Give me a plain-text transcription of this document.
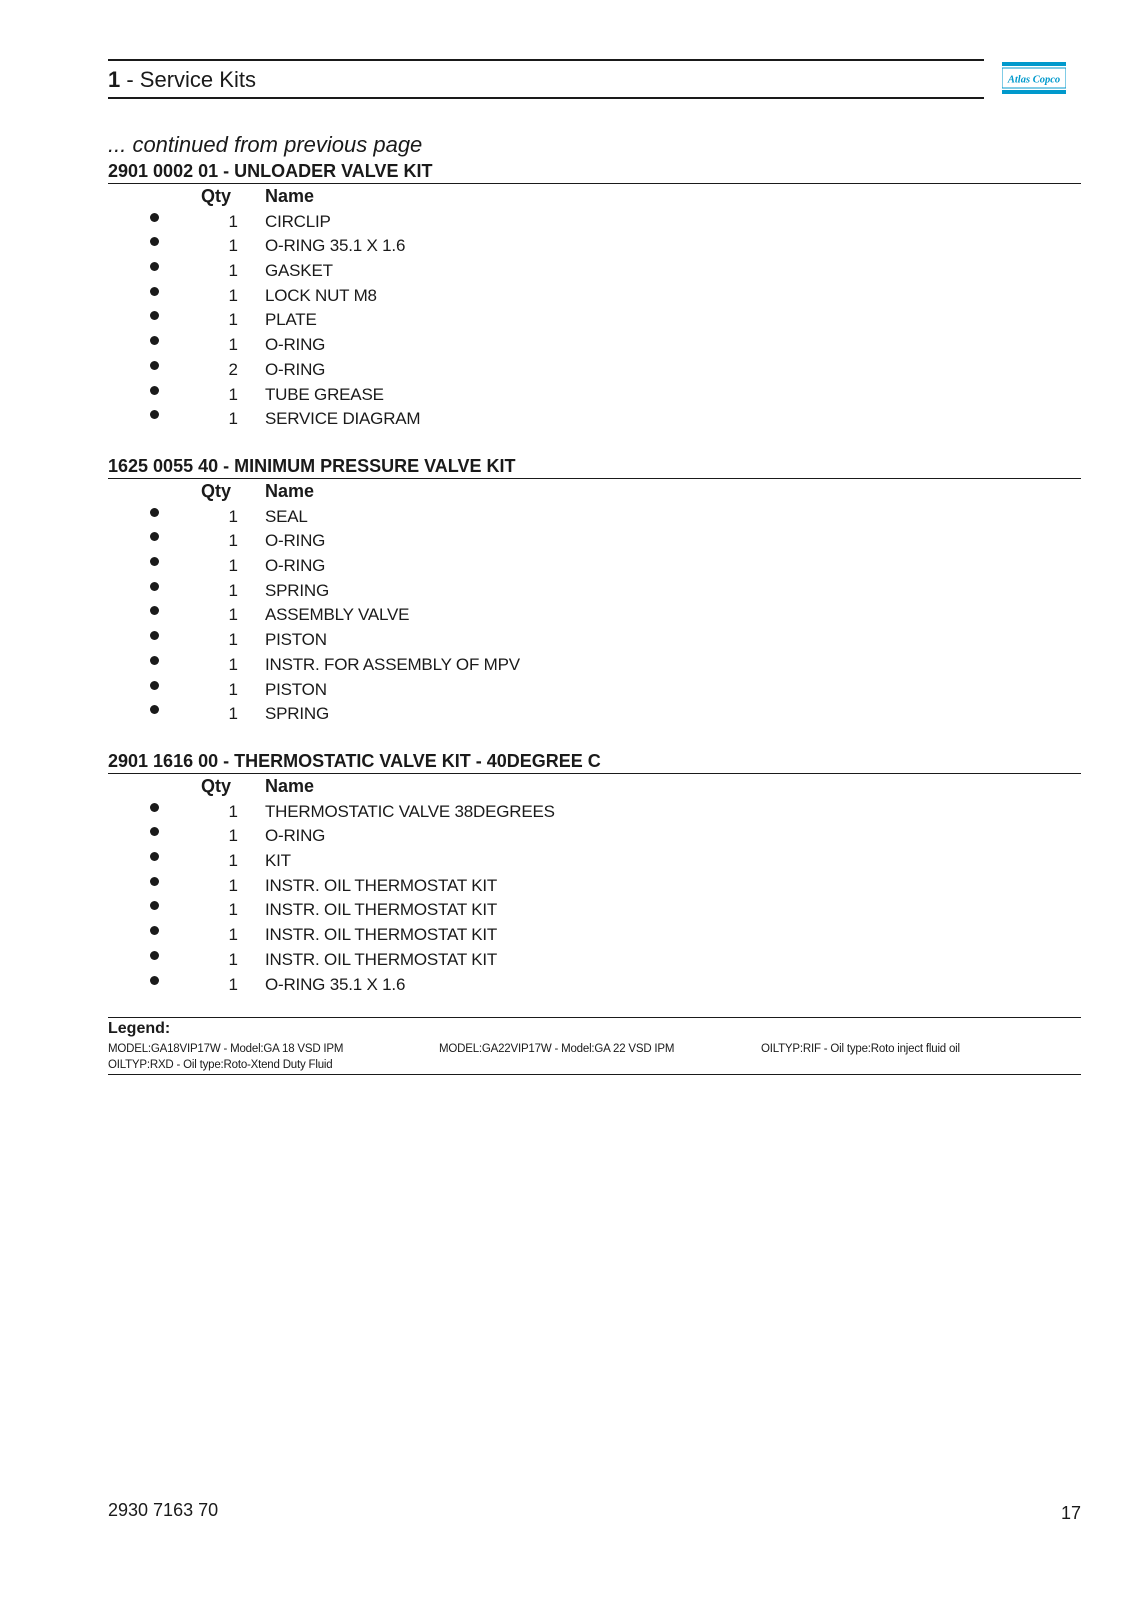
1 - Service Kits	Atlas Copco
... continued from previous page
2901 0002 01 - UNLOADER VALVE KIT
Qty Name
1 CIRCLIP
1 O-RING 35.1 X 1.6
1 GASKET
1 LOCK NUT M8
1 PLATE
1 O-RING
2 O-RING
1 TUBE GREASE
1 SERVICE DIAGRAM
1625 0055 40 - MINIMUM PRESSURE VALVE KIT
Qty Name
1 SEAL
1 O-RING
1 O-RING
1 SPRING
1 ASSEMBLY VALVE
1 PISTON
1 INSTR. FOR ASSEMBLY OF MPV
1 PISTON
1 SPRING
2901 1616 00 - THERMOSTATIC VALVE KIT - 40DEGREE C
Qty Name
1 THERMOSTATIC VALVE 38DEGREES
1 O-RING
1 KIT
1 INSTR. OIL THERMOSTAT KIT
1 INSTR. OIL THERMOSTAT KIT
1 INSTR. OIL THERMOSTAT KIT
1 INSTR. OIL THERMOSTAT KIT
1 O-RING 35.1 X 1.6
Legend:
MODEL:GA18VIP17W - Model:GA 18 VSD IPM	MODEL:GA22VIP17W - Model:GA 22 VSD IPM	OILTYP:RIF - Oil type:Roto inject fluid oil
OILTYP:RXD - Oil type:Roto-Xtend Duty Fluid
2930 7163 70	17
